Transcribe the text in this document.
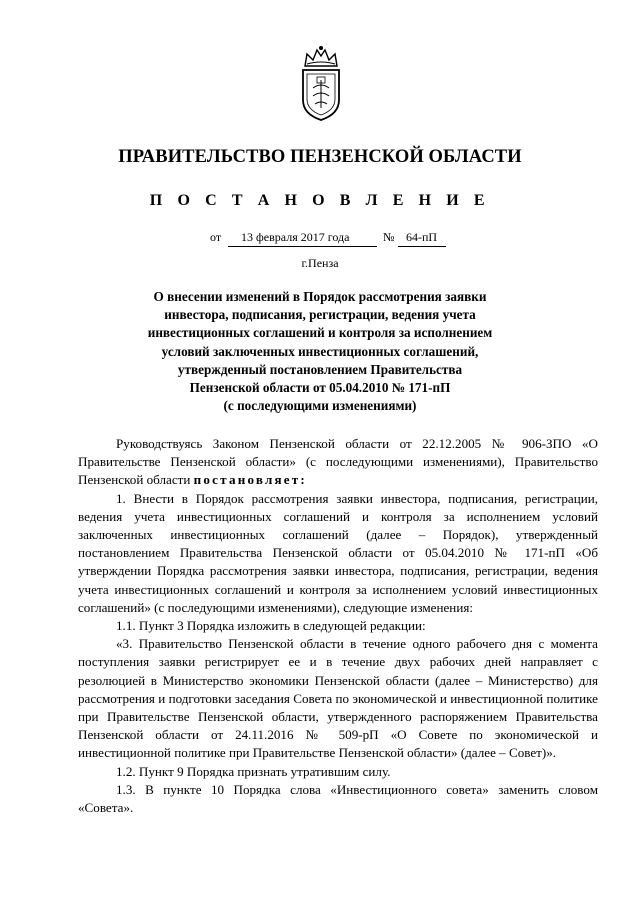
ПРАВИТЕЛЬСТВО ПЕНЗЕНСКОЙ ОБЛАСТИ
П О С Т А Н О В Л Е Н И Е
от 13 февраля 2017 года	№ 64-пП
г.Пенза
О внесении изменений в Порядок рассмотрения заявки
инвестора, подписания, регистрации, ведения учета
инвестиционных соглашений и контроля за исполнением
условий заключенных инвестиционных соглашений,
утвержденный постановлением Правительства
Пензенской области от 05.04.2010 № 171-пП
(с последующими изменениями)

Руководствуясь Законом Пензенской области от 22.12.2005 № 906-ЗПО «О Правительстве Пензенской области» (с последующими изменениями), Правительство Пензенской области постановляет:

1. Внести в Порядок рассмотрения заявки инвестора, подписания, регистрации, ведения учета инвестиционных соглашений и контроля за исполнением условий заключенных инвестиционных соглашений (далее – Порядок), утвержденный постановлением Правительства Пензенской области от 05.04.2010 № 171-пП «Об утверждении Порядка рассмотрения заявки инвестора, подписания, регистрации, ведения учета инвестиционных соглашений и контроля за исполнением условий инвестиционных соглашений» (с последующими изменениями), следующие изменения:

1.1. Пункт 3 Порядка изложить в следующей редакции:

«3. Правительство Пензенской области в течение одного рабочего дня с момента поступления заявки регистрирует ее и в течение двух рабочих дней направляет с резолюцией в Министерство экономики Пензенской области (далее – Министерство) для рассмотрения и подготовки заседания Совета по экономической и инвестиционной политике при Правительстве Пензенской области, утвержденного распоряжением Правительства Пензенской области от 24.11.2016 № 509-рП «О Совете по экономической и инвестиционной политике при Правительстве Пензенской области» (далее – Совет)».

1.2. Пункт 9 Порядка признать утратившим силу.

1.3. В пункте 10 Порядка слова «Инвестиционного совета» заменить словом «Совета».
